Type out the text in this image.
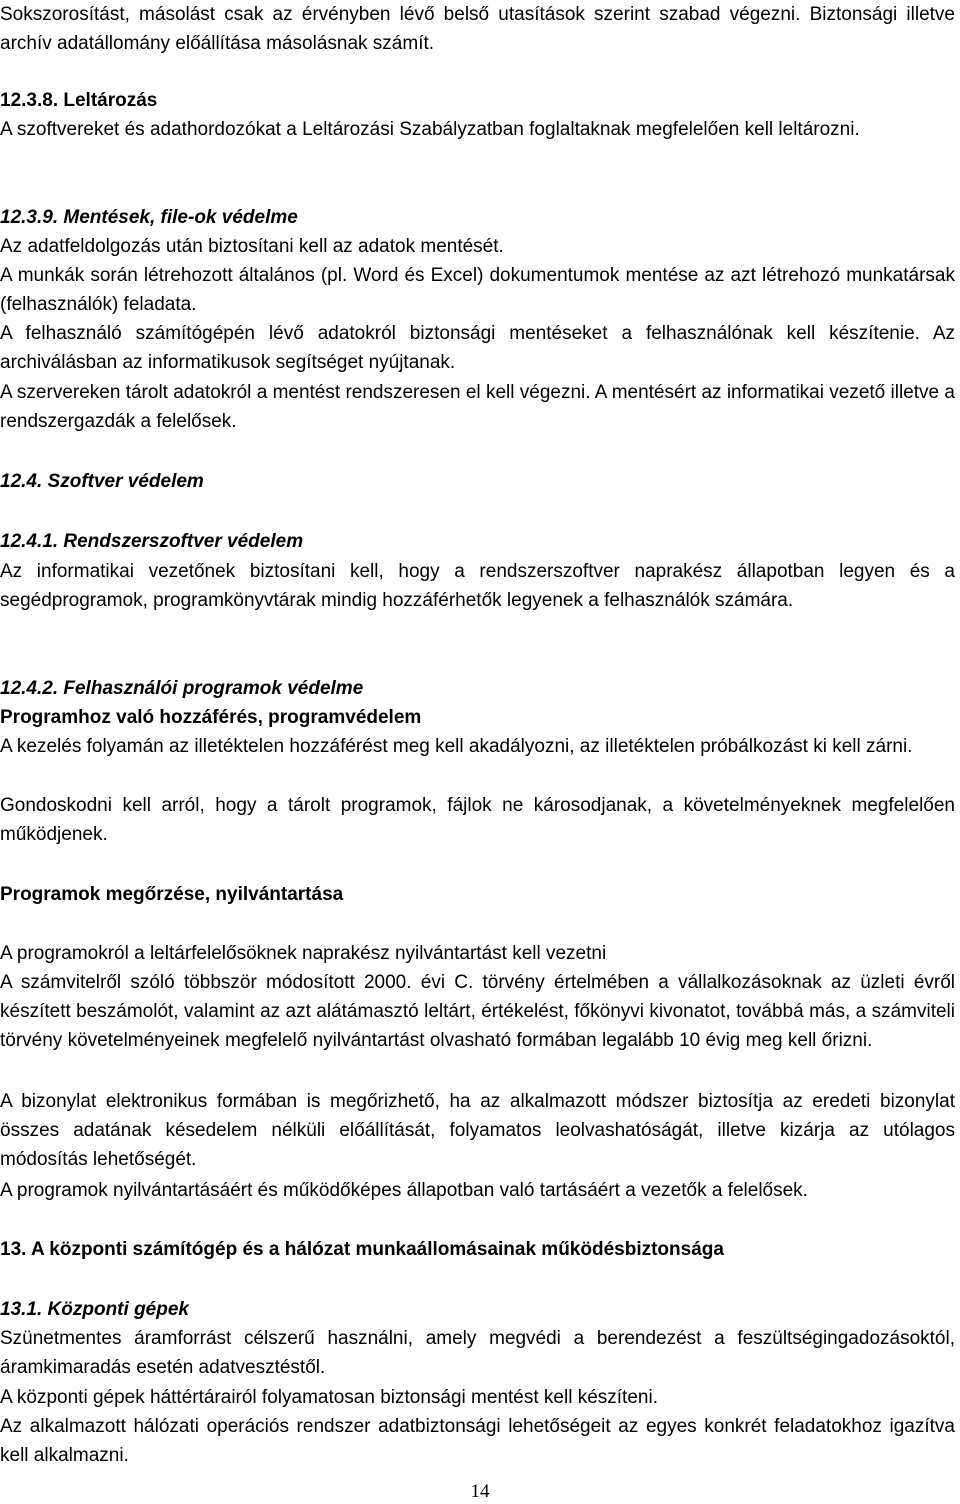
Sokszorosítást, másolást csak az érvényben lévő belső utasítások szerint szabad végezni. Biztonsági illetve archív adatállomány előállítása másolásnak számít.

12.3.8. Leltározás

A szoftvereket és adathordozókat a Leltározási Szabályzatban foglaltaknak megfelelően kell leltározni.

12.3.9. Mentések, file-ok védelme

Az adatfeldolgozás után biztosítani kell az adatok mentését.

A munkák során létrehozott általános (pl. Word és Excel) dokumentumok mentése az azt létrehozó munkatársak (felhasználók) feladata.

A felhasználó számítógépén lévő adatokról biztonsági mentéseket a felhasználónak kell készítenie. Az archiválásban az informatikusok segítséget nyújtanak.

A szervereken tárolt adatokról a mentést rendszeresen el kell végezni. A mentésért az informatikai vezető illetve a rendszergazdák a felelősek.

12.4. Szoftver védelem

12.4.1. Rendszerszoftver védelem

Az informatikai vezetőnek biztosítani kell, hogy a rendszerszoftver naprakész állapotban legyen és a segédprogramok, programkönyvtárak mindig hozzáférhetők legyenek a felhasználók számára.

12.4.2. Felhasználói programok védelme

Programhoz való hozzáférés, programvédelem

A kezelés folyamán az illetéktelen hozzáférést meg kell akadályozni, az illetéktelen próbálkozást ki kell zárni.

Gondoskodni kell arról, hogy a tárolt programok, fájlok ne károsodjanak, a követelményeknek megfelelően működjenek.

Programok megőrzése, nyilvántartása

A programokról a leltárfelelősöknek naprakész nyilvántartást kell vezetni

A számvitelről szóló többször módosított 2000. évi C. törvény értelmében a vállalkozásoknak az üzleti évről készített beszámolót, valamint az azt alátámasztó leltárt, értékelést, főkönyvi kivonatot, továbbá más, a számviteli törvény követelményeinek megfelelő nyilvántartást olvasható formában legalább 10 évig meg kell őrizni.

A bizonylat elektronikus formában is megőrizhető, ha az alkalmazott módszer biztosítja az eredeti bizonylat összes adatának késedelem nélküli előállítását, folyamatos leolvashatóságát, illetve kizárja az utólagos módosítás lehetőségét.

A programok nyilvántartásáért és működőképes állapotban való tartásáért a vezetők a felelősek.

13. A központi számítógép és a hálózat munkaállomásainak működésbiztonsága

13.1. Központi gépek

Szünetmentes áramforrást célszerű használni, amely megvédi a berendezést a feszültségingadozásoktól, áramkimaradás esetén adatvesztéstől.

A központi gépek háttértárairól folyamatosan biztonsági mentést kell készíteni.

Az alkalmazott hálózati operációs rendszer adatbiztonsági lehetőségeit az egyes konkrét feladatokhoz igazítva kell alkalmazni.

14
